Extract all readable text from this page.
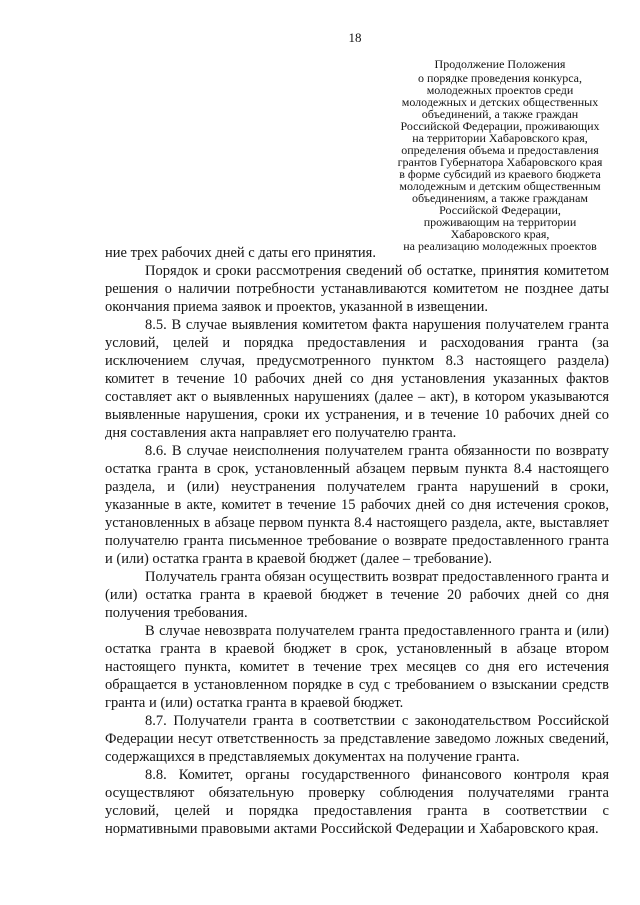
18
Продолжение Положения
о порядке проведения конкурса,
молодежных проектов среди
молодежных и детских общественных
объединений, а также граждан
Российской Федерации, проживающих
на территории Хабаровского края,
определения объема и предоставления
грантов Губернатора Хабаровского края
в форме субсидий из краевого бюджета
молодежным и детским общественным
объединениям, а также гражданам
Российской Федерации,
проживающим на территории
Хабаровского края,
на реализацию молодежных проектов

ние трех рабочих дней с даты его принятия.

Порядок и сроки рассмотрения сведений об остатке, принятия комитетом решения о наличии потребности устанавливаются комитетом не позднее даты окончания приема заявок и проектов, указанной в извещении.

8.5. В случае выявления комитетом факта нарушения получателем гранта условий, целей и порядка предоставления и расходования гранта (за исключением случая, предусмотренного пунктом 8.3 настоящего раздела) комитет в течение 10 рабочих дней со дня установления указанных фактов составляет акт о выявленных нарушениях (далее – акт), в котором указываются выявленные нарушения, сроки их устранения, и в течение 10 рабочих дней со дня составления акта направляет его получателю гранта.

8.6. В случае неисполнения получателем гранта обязанности по возврату остатка гранта в срок, установленный абзацем первым пункта 8.4 настоящего раздела, и (или) неустранения получателем гранта нарушений в сроки, указанные в акте, комитет в течение 15 рабочих дней со дня истечения сроков, установленных в абзаце первом пункта 8.4 настоящего раздела, акте, выставляет получателю гранта письменное требование о возврате предоставленного гранта и (или) остатка гранта в краевой бюджет (далее – требование).

Получатель гранта обязан осуществить возврат предоставленного гранта и (или) остатка гранта в краевой бюджет в течение 20 рабочих дней со дня получения требования.

В случае невозврата получателем гранта предоставленного гранта и (или) остатка гранта в краевой бюджет в срок, установленный в абзаце втором настоящего пункта, комитет в течение трех месяцев со дня его истечения обращается в установленном порядке в суд с требованием о взыскании средств гранта и (или) остатка гранта в краевой бюджет.

8.7. Получатели гранта в соответствии с законодательством Российской Федерации несут ответственность за представление заведомо ложных сведений, содержащихся в представляемых документах на получение гранта.

8.8. Комитет, органы государственного финансового контроля края осуществляют обязательную проверку соблюдения получателями гранта условий, целей и порядка предоставления гранта в соответствии с нормативными правовыми актами Российской Федерации и Хабаровского края.
